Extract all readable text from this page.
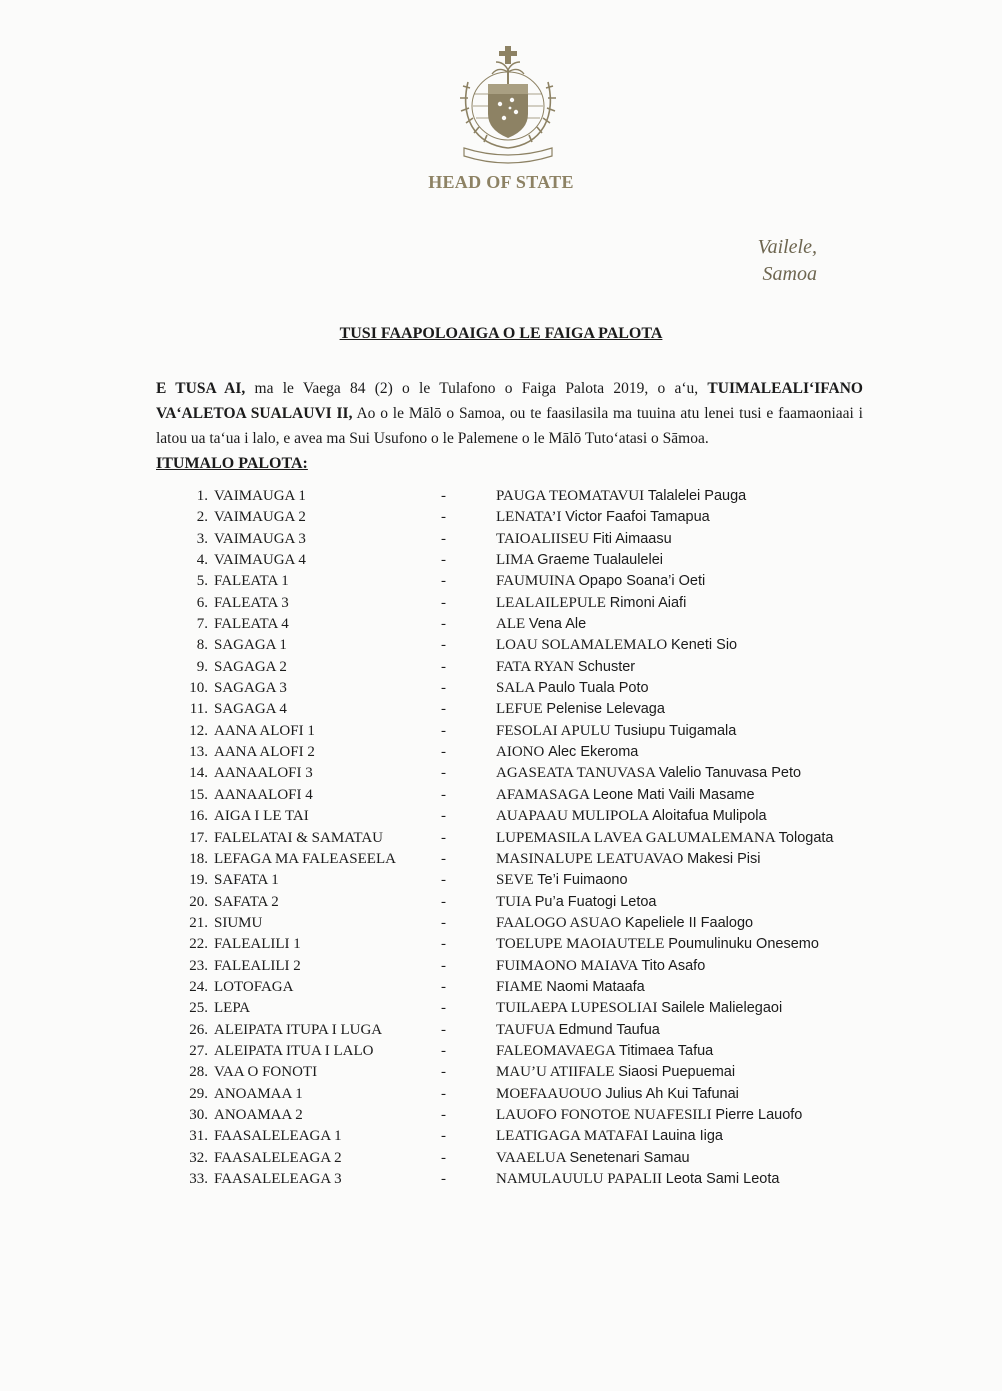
HEAD OF STATE
Vailele,
Samoa
TUSI FAAPOLOAIGA O LE FAIGA PALOTA
E TUSA AI, ma le Vaega 84 (2) o le Tulafono o Faiga Palota 2019, o a‘u, TUIMALEALI‘IFANO VA‘ALETOA SUALAUVI II, Ao o le Mālō o Samoa, ou te faasilasila ma tuuina atu lenei tusi e faamaoniaai i latou ua ta‘ua i lalo, e avea ma Sui Usufono o le Palemene o le Mālō Tuto‘atasi o Sāmoa.
ITUMALO PALOTA:
1. VAIMAUGA 1	-	PAUGA TEOMATAVUI Talalelei Pauga
2. VAIMAUGA 2	-	LENATA’I Victor Faafoi Tamapua
3. VAIMAUGA 3	-	TAIOALIISEU Fiti Aimaasu
4. VAIMAUGA 4	-	LIMA Graeme Tualaulelei
5. FALEATA 1	-	FAUMUINA Opapo Soana’i Oeti
6. FALEATA 3	-	LEALAILEPULE Rimoni Aiafi
7. FALEATA 4	-	ALE Vena Ale
8. SAGAGA 1	-	LOAU SOLAMALEMALO Keneti Sio
9. SAGAGA 2	-	FATA RYAN Schuster
10. SAGAGA 3	-	SALA Paulo Tuala Poto
11. SAGAGA 4	-	LEFUE Pelenise Lelevaga
12. AANA ALOFI 1	-	FESOLAI APULU Tusiupu Tuigamala
13. AANA ALOFI 2	-	AIONO Alec Ekeroma
14. AANAALOFI 3	-	AGASEATA TANUVASA Valelio Tanuvasa Peto
15. AANAALOFI 4	-	AFAMASAGA Leone Mati Vaili Masame
16. AIGA I LE TAI	-	AUAPAAU MULIPOLA Aloitafua Mulipola
17. FALELATAI & SAMATAU	-	LUPEMASILA LAVEA GALUMALEMANA Tologata
18. LEFAGA MA FALEASEELA	-	MASINALUPE LEATUAVAO Makesi Pisi
19. SAFATA 1	-	SEVE Te’i Fuimaono
20. SAFATA 2	-	TUIA Pu’a Fuatogi Letoa
21. SIUMU	-	FAALOGO ASUAO Kapeliele II Faalogo
22. FALEALILI 1	-	TOELUPE MAOIAUTELE Poumulinuku Onesemo
23. FALEALILI 2	-	FUIMAONO MAIAVA Tito Asafo
24. LOTOFAGA	-	FIAME Naomi Mataafa
25. LEPA	-	TUILAEPA LUPESOLIAI Sailele Malielegaoi
26. ALEIPATA ITUPA I LUGA	-	TAUFUA Edmund Taufua
27. ALEIPATA ITUA I LALO	-	FALEOMAVAEGA Titimaea Tafua
28. VAA O FONOTI	-	MAU’U ATIIFALE Siaosi Puepuemai
29. ANOAMAA 1	-	MOEFAAUOUO Julius Ah Kui Tafunai
30. ANOAMAA 2	-	LAUOFO FONOTOE NUAFESILI Pierre Lauofo
31. FAASALELEAGA 1	-	LEATIGAGA MATAFAI Lauina Iiga
32. FAASALELEAGA 2	-	VAAELUA Senetenari Samau
33. FAASALELEAGA 3	-	NAMULAUULU PAPALII Leota Sami Leota
